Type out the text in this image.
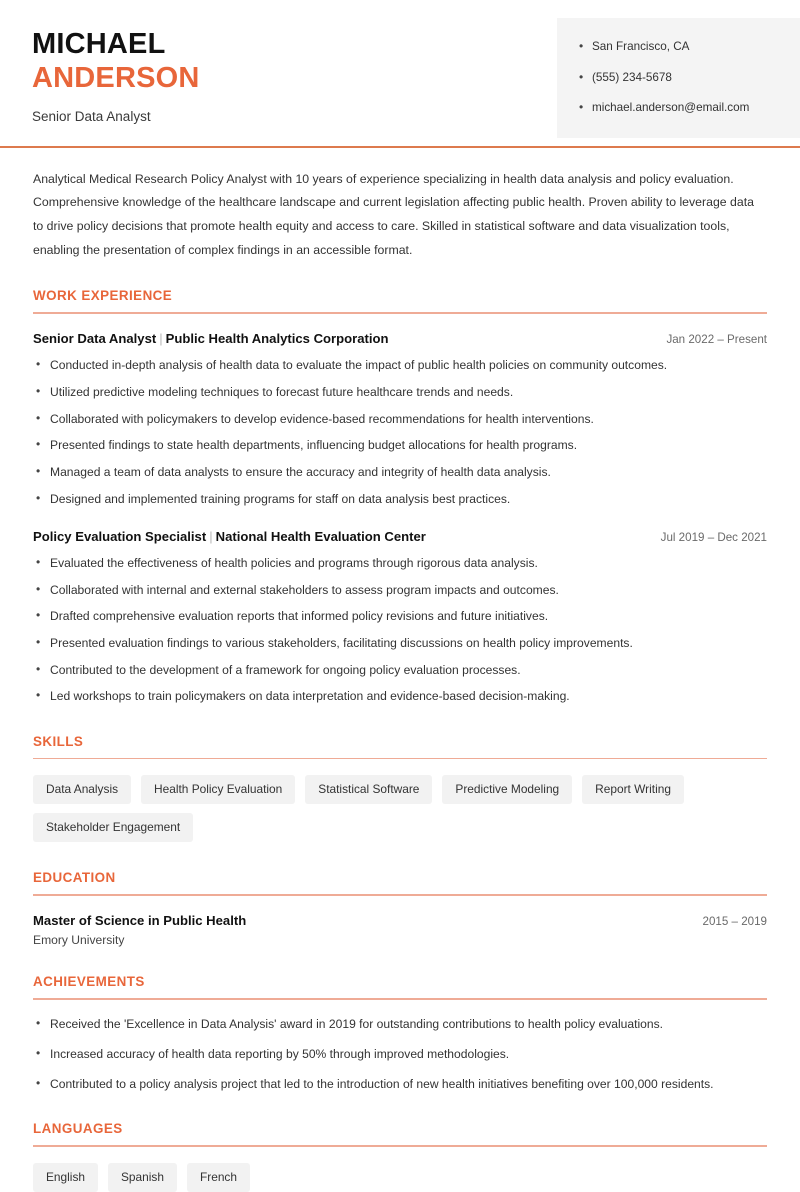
MICHAEL
ANDERSON
Senior Data Analyst
• San Francisco, CA
• (555) 234-5678
• michael.anderson@email.com

Analytical Medical Research Policy Analyst with 10 years of experience specializing in health data analysis and policy evaluation. Comprehensive knowledge of the healthcare landscape and current legislation affecting public health. Proven ability to leverage data to drive policy decisions that promote health equity and access to care. Skilled in statistical software and data visualization tools, enabling the presentation of complex findings in an accessible format.

WORK EXPERIENCE
Senior Data Analyst | Public Health Analytics Corporation	Jan 2022 – Present
• Conducted in-depth analysis of health data to evaluate the impact of public health policies on community outcomes.
• Utilized predictive modeling techniques to forecast future healthcare trends and needs.
• Collaborated with policymakers to develop evidence-based recommendations for health interventions.
• Presented findings to state health departments, influencing budget allocations for health programs.
• Managed a team of data analysts to ensure the accuracy and integrity of health data analysis.
• Designed and implemented training programs for staff on data analysis best practices.
Policy Evaluation Specialist | National Health Evaluation Center	Jul 2019 – Dec 2021
• Evaluated the effectiveness of health policies and programs through rigorous data analysis.
• Collaborated with internal and external stakeholders to assess program impacts and outcomes.
• Drafted comprehensive evaluation reports that informed policy revisions and future initiatives.
• Presented evaluation findings to various stakeholders, facilitating discussions on health policy improvements.
• Contributed to the development of a framework for ongoing policy evaluation processes.
• Led workshops to train policymakers on data interpretation and evidence-based decision-making.
SKILLS
Data Analysis	Health Policy Evaluation	Statistical Software	Predictive Modeling	Report Writing
Stakeholder Engagement
EDUCATION
Master of Science in Public Health	2015 – 2019
Emory University
ACHIEVEMENTS
• Received the 'Excellence in Data Analysis' award in 2019 for outstanding contributions to health policy evaluations.
• Increased accuracy of health data reporting by 50% through improved methodologies.
• Contributed to a policy analysis project that led to the introduction of new health initiatives benefiting over 100,000 residents.
LANGUAGES
English	Spanish	French
